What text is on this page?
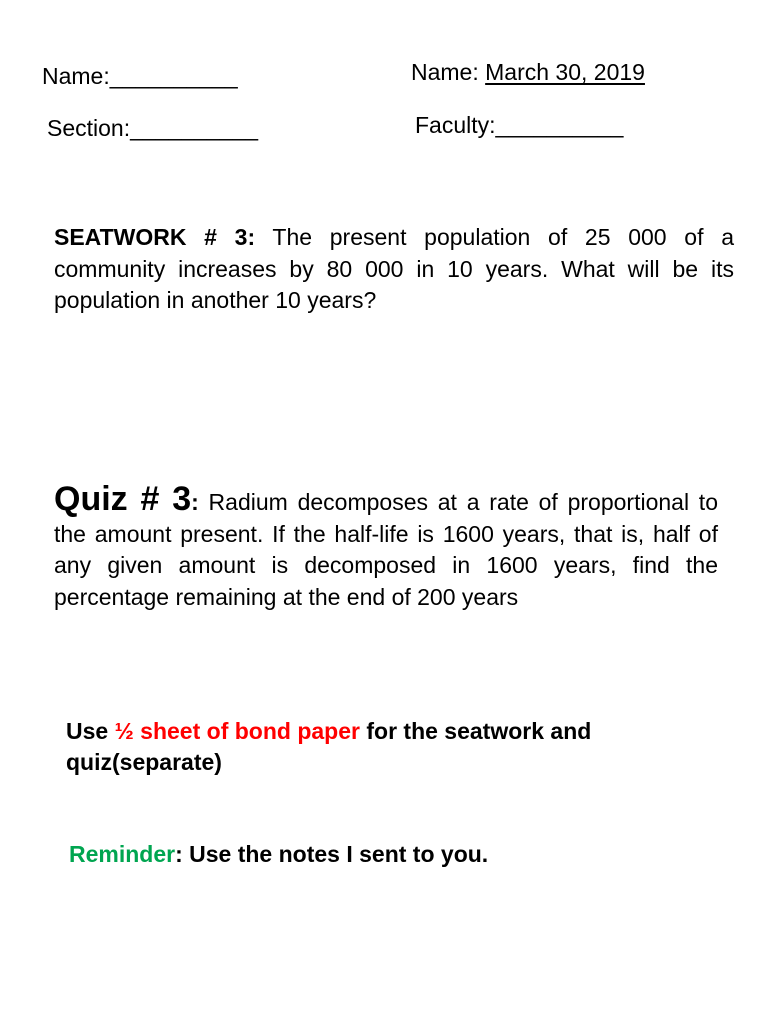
Name:__________	Name: March 30, 2019
Section:__________	Faculty:__________
SEATWORK # 3: The present population of 25 000 of a community increases by 80 000 in 10 years. What will be its population in another 10 years?
Quiz # 3: Radium decomposes at a rate of proportional to the amount present. If the half-life is 1600 years, that is, half of any given amount is decomposed in 1600 years, find the percentage remaining at the end of 200 years
Use ½ sheet of bond paper for the seatwork and quiz(separate)
Reminder: Use the notes I sent to you.
